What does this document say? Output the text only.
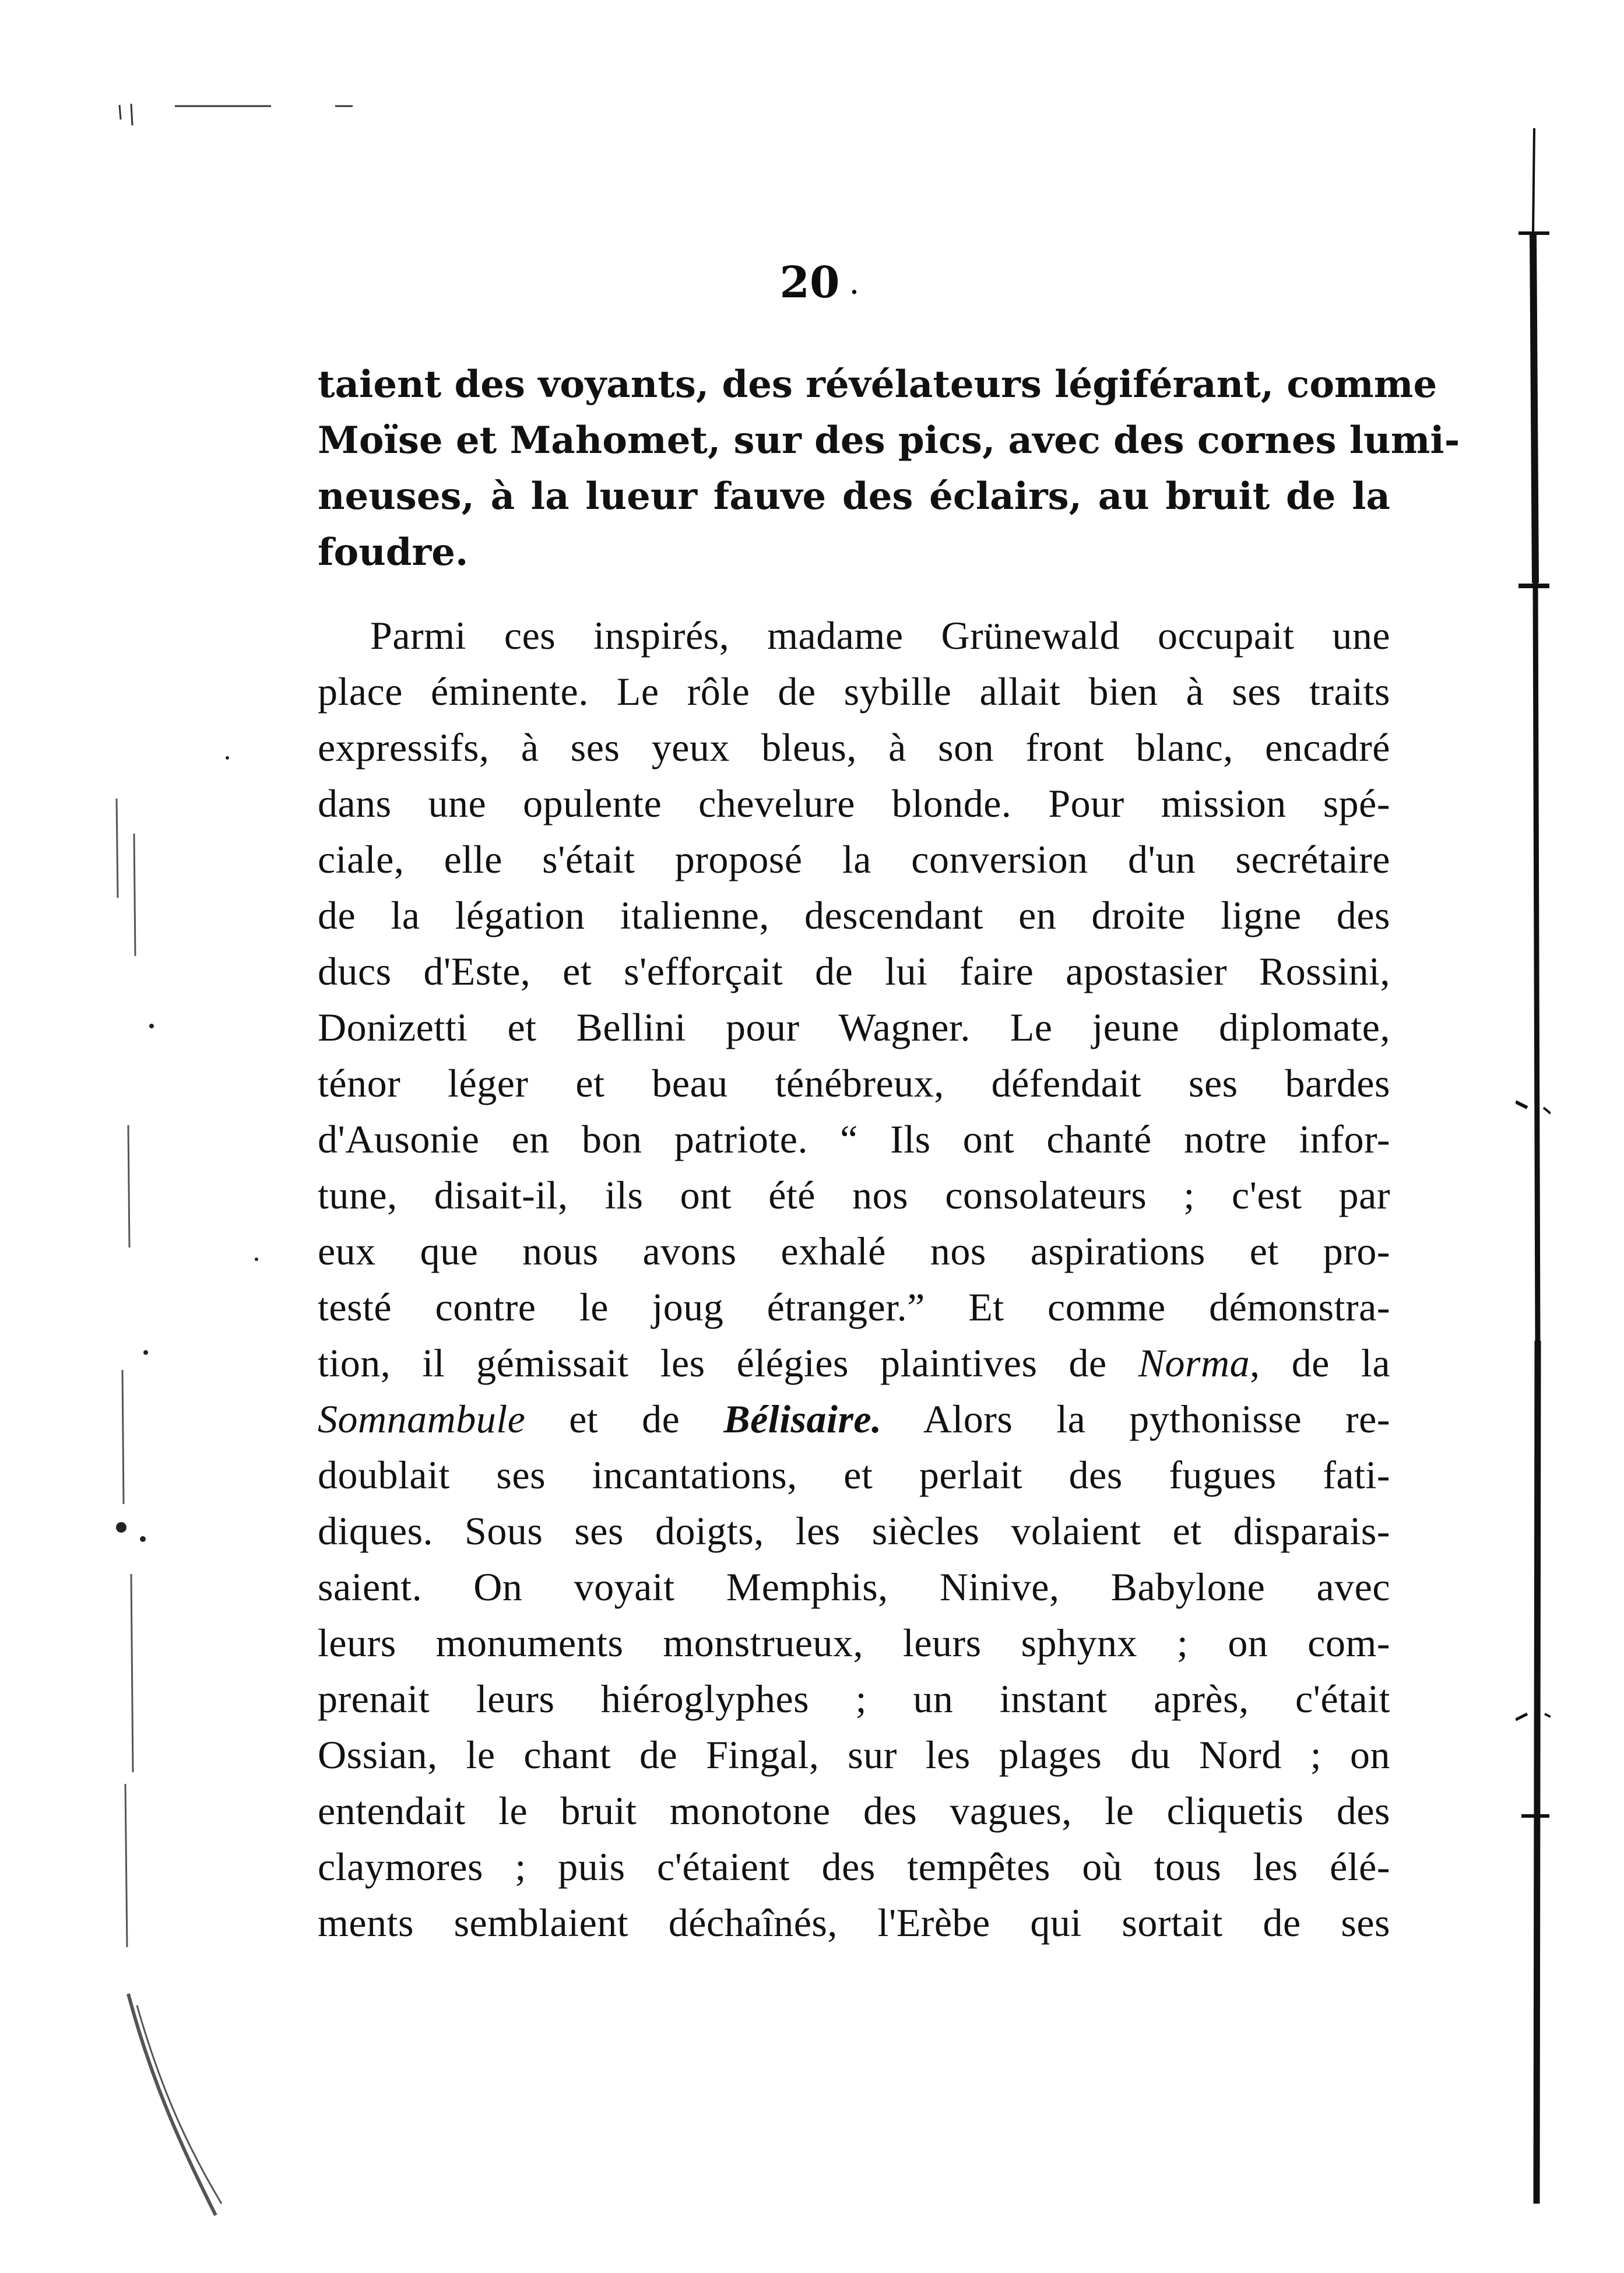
20 .

taient des voyants, des révélateurs légiférant, comme
Moïse et Mahomet, sur des pics, avec des cornes lumi-
neuses, à la lueur fauve des éclairs, au bruit de la
foudre.

Parmi ces inspirés, madame Grünewald occupait une
place éminente. Le rôle de sybille allait bien à ses traits
expressifs, à ses yeux bleus, à son front blanc, encadré
dans une opulente chevelure blonde. Pour mission spé-
ciale, elle s'était proposé la conversion d'un secrétaire
de la légation italienne, descendant en droite ligne des
ducs d'Este, et s'efforçait de lui faire apostasier Rossini,
Donizetti et Bellini pour Wagner. Le jeune diplomate,
ténor léger et beau ténébreux, défendait ses bardes
d'Ausonie en bon patriote. “ Ils ont chanté notre infor-
tune, disait-il, ils ont été nos consolateurs ; c'est par
eux que nous avons exhalé nos aspirations et pro-
testé contre le joug étranger.” Et comme démonstra-
tion, il gémissait les élégies plaintives de Norma, de la
Somnambule et de Bélisaire. Alors la pythonisse re-
doublait ses incantations, et perlait des fugues fati-
diques. Sous ses doigts, les siècles volaient et disparais-
saient. On voyait Memphis, Ninive, Babylone avec
leurs monuments monstrueux, leurs sphynx ; on com-
prenait leurs hiéroglyphes ; un instant après, c'était
Ossian, le chant de Fingal, sur les plages du Nord ; on
entendait le bruit monotone des vagues, le cliquetis des
claymores ; puis c'étaient des tempêtes où tous les élé-
ments semblaient déchaînés, l'Erèbe qui sortait de ses
